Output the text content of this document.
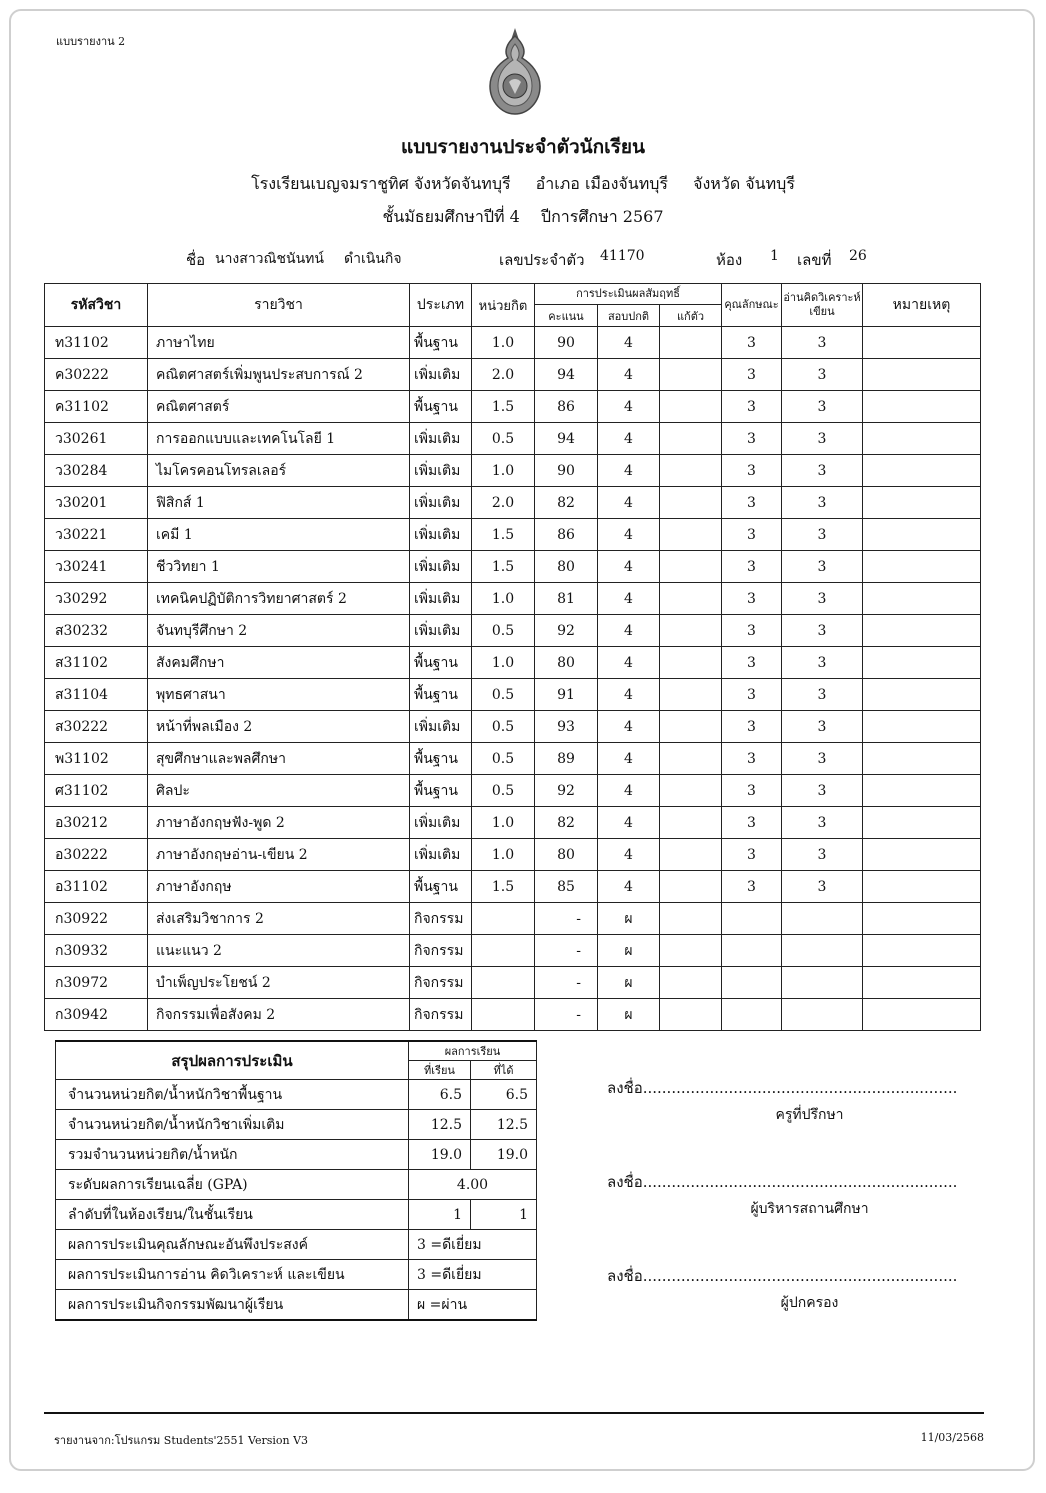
แบบรายงาน 2
แบบรายงานประจำตัวนักเรียน
โรงเรียนเบญจมราชูทิศ จังหวัดจันทบุรี อำเภอ เมืองจันทบุรี จังหวัด จันทบุรี
ชั้นมัธยมศึกษาปีที่ 4 ปีการศึกษา 2567
ชื่อ นางสาวณิชนันทน์ ดำเนินกิจ	เลขประจำตัว 41170	ห้อง 1 เลขที่ 26
รหัสวิชา	รายวิชา	ประเภท	หน่วยกิต	การประเมินผลสัมฤทธิ์			คุณลักษณะ	อ่านคิดวิเคราะห์เขียน	หมายเหตุ
				คะแนน	สอบปกติ	แก้ตัว			
ท31102	ภาษาไทย	พื้นฐาน	1.0	90	4		3	3	
ค30222	คณิตศาสตร์เพิ่มพูนประสบการณ์ 2	เพิ่มเติม	2.0	94	4		3	3	
ค31102	คณิตศาสตร์	พื้นฐาน	1.5	86	4		3	3	
ว30261	การออกแบบและเทคโนโลยี 1	เพิ่มเติม	0.5	94	4		3	3	
ว30284	ไมโครคอนโทรลเลอร์	เพิ่มเติม	1.0	90	4		3	3	
ว30201	ฟิสิกส์ 1	เพิ่มเติม	2.0	82	4		3	3	
ว30221	เคมี 1	เพิ่มเติม	1.5	86	4		3	3	
ว30241	ชีววิทยา 1	เพิ่มเติม	1.5	80	4		3	3	
ว30292	เทคนิคปฏิบัติการวิทยาศาสตร์ 2	เพิ่มเติม	1.0	81	4		3	3	
ส30232	จันทบุรีศึกษา 2	เพิ่มเติม	0.5	92	4		3	3	
ส31102	สังคมศึกษา	พื้นฐาน	1.0	80	4		3	3	
ส31104	พุทธศาสนา	พื้นฐาน	0.5	91	4		3	3	
ส30222	หน้าที่พลเมือง 2	เพิ่มเติม	0.5	93	4		3	3	
พ31102	สุขศึกษาและพลศึกษา	พื้นฐาน	0.5	89	4		3	3	
ศ31102	ศิลปะ	พื้นฐาน	0.5	92	4		3	3	
อ30212	ภาษาอังกฤษฟัง-พูด 2	เพิ่มเติม	1.0	82	4		3	3	
อ30222	ภาษาอังกฤษอ่าน-เขียน 2	เพิ่มเติม	1.0	80	4		3	3	
อ31102	ภาษาอังกฤษ	พื้นฐาน	1.5	85	4		3	3	
ก30922	ส่งเสริมวิชาการ 2	กิจกรรม		-	ผ				
ก30932	แนะแนว 2	กิจกรรม		-	ผ				
ก30972	บำเพ็ญประโยชน์ 2	กิจกรรม		-	ผ				
ก30942	กิจกรรมเพื่อสังคม 2	กิจกรรม		-	ผ				
สรุปผลการประเมิน	ผลการเรียน	
	ที่เรียน	ที่ได้
จำนวนหน่วยกิต/น้ำหนักวิชาพื้นฐาน	6.5	6.5
จำนวนหน่วยกิต/น้ำหนักวิชาเพิ่มเติม	12.5	12.5
รวมจำนวนหน่วยกิต/น้ำหนัก	19.0	19.0
ระดับผลการเรียนเฉลี่ย (GPA)	4.00	
ลำดับที่ในห้องเรียน/ในชั้นเรียน	1	1
ผลการประเมินคุณลักษณะอันพึงประสงค์	3 =ดีเยี่ยม	
ผลการประเมินการอ่าน คิดวิเคราะห์ และเขียน	3 =ดีเยี่ยม	
ผลการประเมินกิจกรรมพัฒนาผู้เรียน	ผ =ผ่าน	
ลงชื่อ..................................................................
ครูที่ปรึกษา
ลงชื่อ..................................................................
ผู้บริหารสถานศึกษา
ลงชื่อ..................................................................
ผู้ปกครอง
รายงานจาก:โปรแกรม Students'2551 Version V3	11/03/2568
